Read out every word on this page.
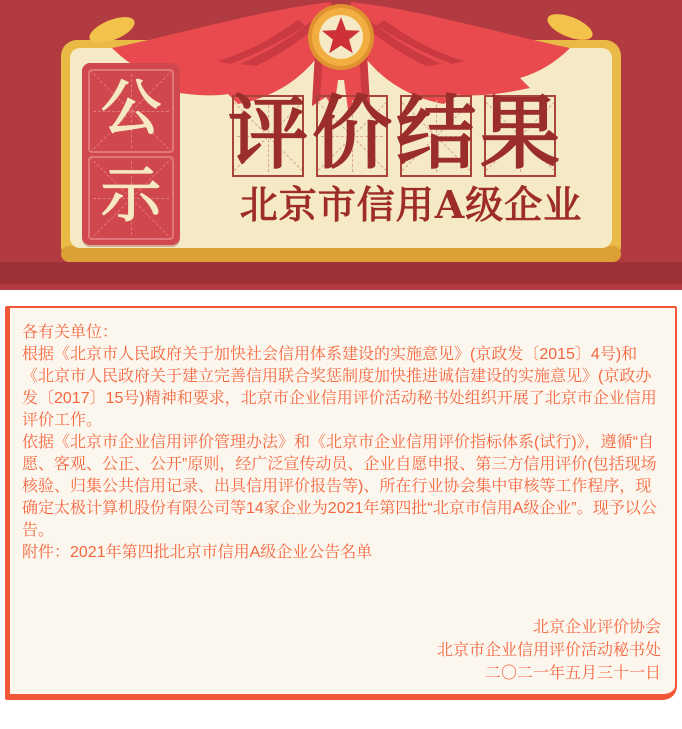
公
示
评 价 结 果
北京市信用A级企业

各有关单位：

根据《北京市人民政府关于加快社会信用体系建设的实施意见》(京政发〔2015〕4号)和《北京市人民政府关于建立完善信用联合奖惩制度加快推进诚信建设的实施意见》(京政办发〔2017〕15号)精神和要求，北京市企业信用评价活动秘书处组织开展了北京市企业信用评价工作。

依据《北京市企业信用评价管理办法》和《北京市企业信用评价指标体系(试行)》，遵循“自愿、客观、公正、公开”原则，经广泛宣传动员、企业自愿申报、第三方信用评价(包括现场核验、归集公共信用记录、出具信用评价报告等)、所在行业协会集中审核等工作程序，现确定太极计算机股份有限公司等14家企业为2021年第四批“北京市信用A级企业”。现予以公告。

附件：2021年第四批北京市信用A级企业公告名单

北京企业评价协会

北京市企业信用评价活动秘书处

二〇二一年五月三十一日
